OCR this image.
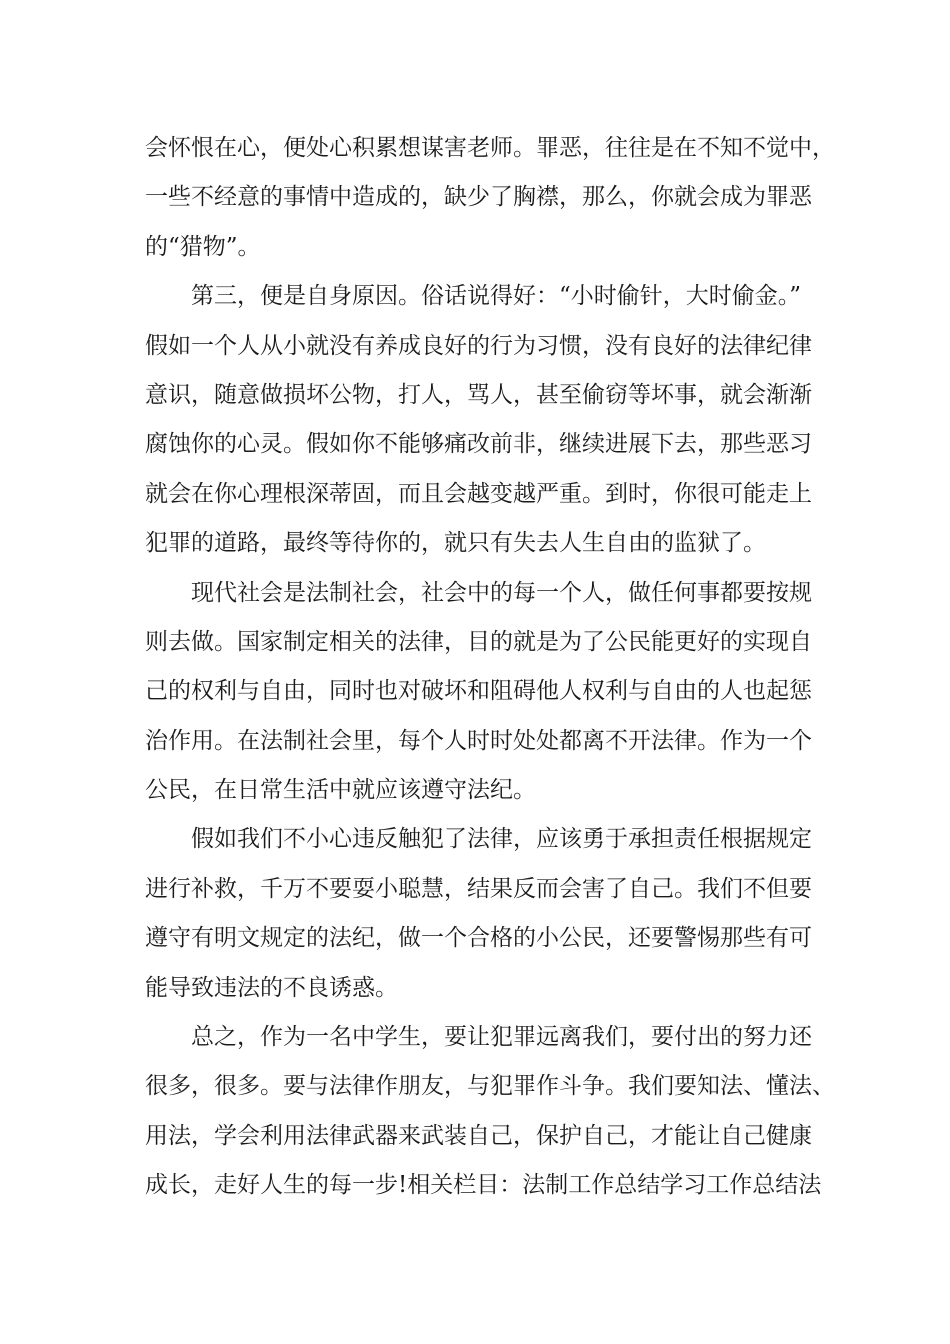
会怀恨在心，便处心积累想谋害老师。罪恶，往往是在不知不觉中，
一些不经意的事情中造成的，缺少了胸襟，那么，你就会成为罪恶
的“猎物”。
第三，便是自身原因。俗话说得好：“小时偷针，大时偷金。”
假如一个人从小就没有养成良好的行为习惯，没有良好的法律纪律
意识，随意做损坏公物，打人，骂人，甚至偷窃等坏事，就会渐渐
腐蚀你的心灵。假如你不能够痛改前非，继续进展下去，那些恶习
就会在你心理根深蒂固，而且会越变越严重。到时，你很可能走上
犯罪的道路，最终等待你的，就只有失去人生自由的监狱了。
现代社会是法制社会，社会中的每一个人，做任何事都要按规
则去做。国家制定相关的法律，目的就是为了公民能更好的实现自
己的权利与自由，同时也对破坏和阻碍他人权利与自由的人也起惩
治作用。在法制社会里，每个人时时处处都离不开法律。作为一个
公民，在日常生活中就应该遵守法纪。
假如我们不小心违反触犯了法律，应该勇于承担责任根据规定
进行补救，千万不要耍小聪慧，结果反而会害了自己。我们不但要
遵守有明文规定的法纪，做一个合格的小公民，还要警惕那些有可
能导致违法的不良诱惑。
总之，作为一名中学生，要让犯罪远离我们，要付出的努力还
很多，很多。要与法律作朋友，与犯罪作斗争。我们要知法、懂法、
用法，学会利用法律武器来武装自己，保护自己，才能让自己健康
成长，走好人生的每一步!相关栏目：法制工作总结学习工作总结法
